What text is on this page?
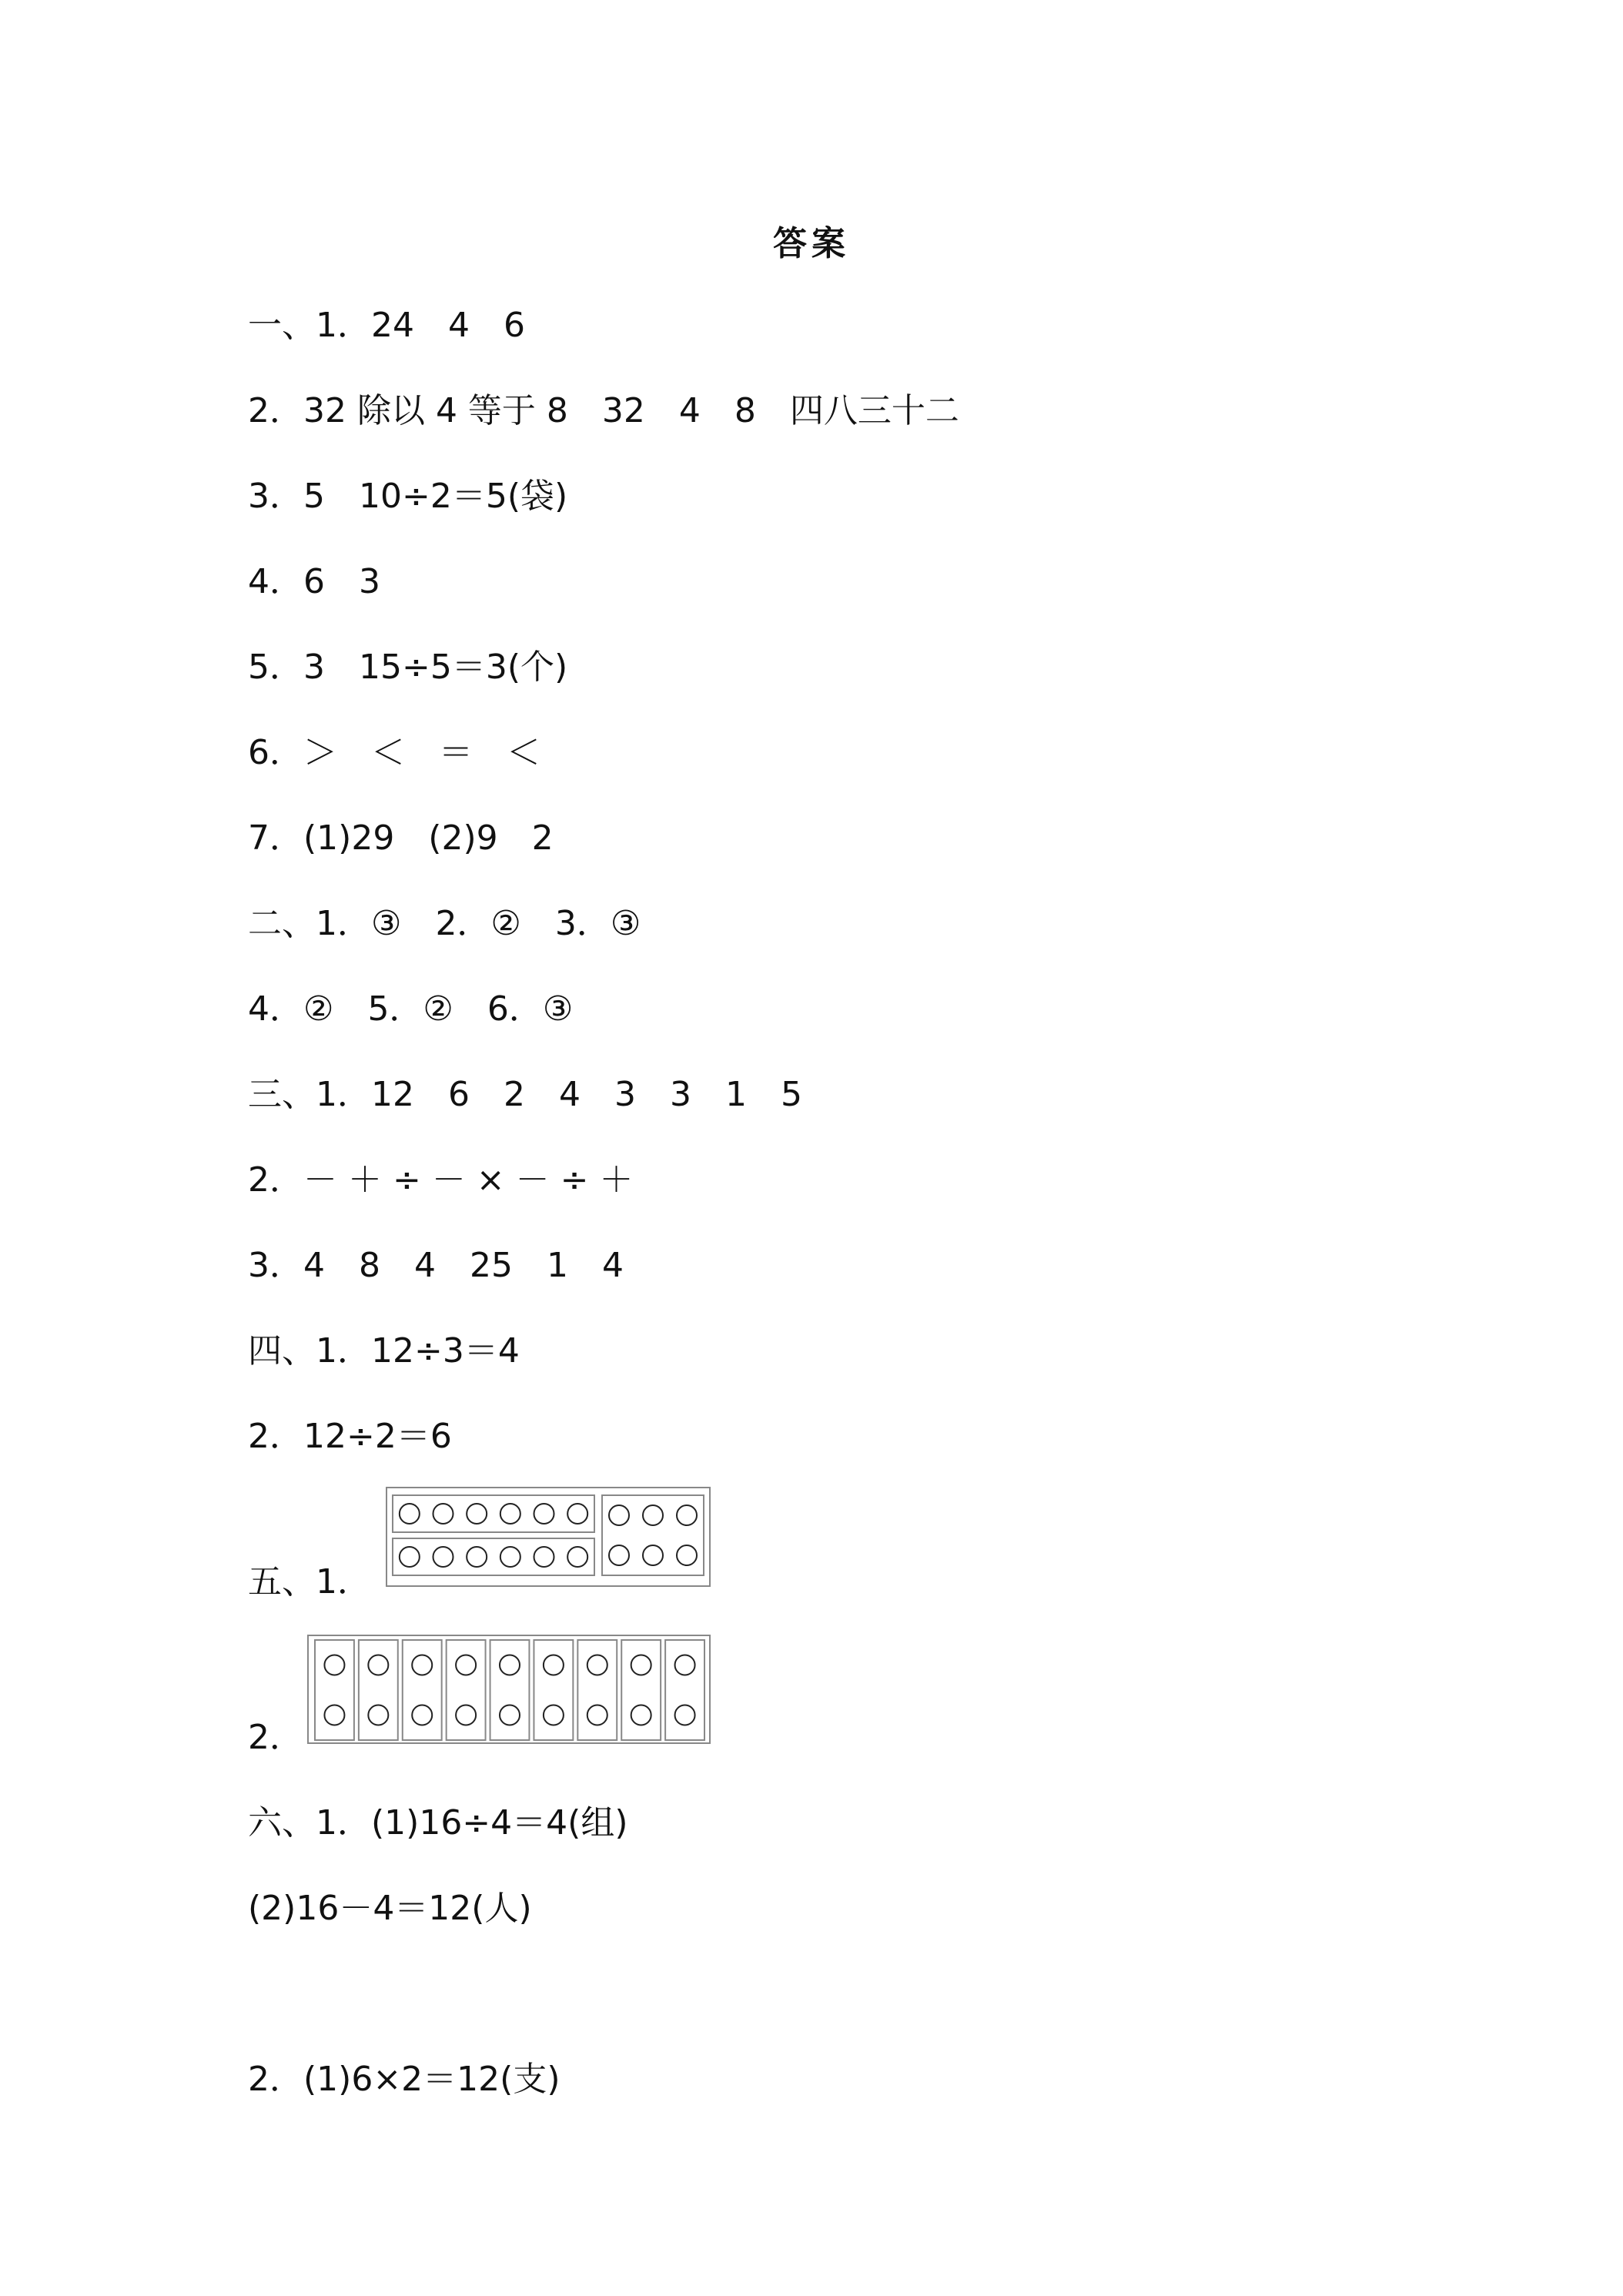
答案
一、1．24　4　6
2．32 除以 4 等于 8　32　4　8　四八三十二
3．5　10÷2＝5(袋)
4．6　3
5．3　15÷5＝3(个)
6．＞　＜　＝　＜
7．(1)29　(2)9　2
二、1．③　2．②　3．③
4．②　5．②　6．③
三、1．12　6　2　4　3　3　1　5
2．－ ＋ ÷ － × － ÷ ＋
3．4　8　4　25　1　4
四、1．12÷3＝4
2．12÷2＝6
五、1．
2．
六、1．(1)16÷4＝4(组)
(2)16－4＝12(人)
2．(1)6×2＝12(支)
